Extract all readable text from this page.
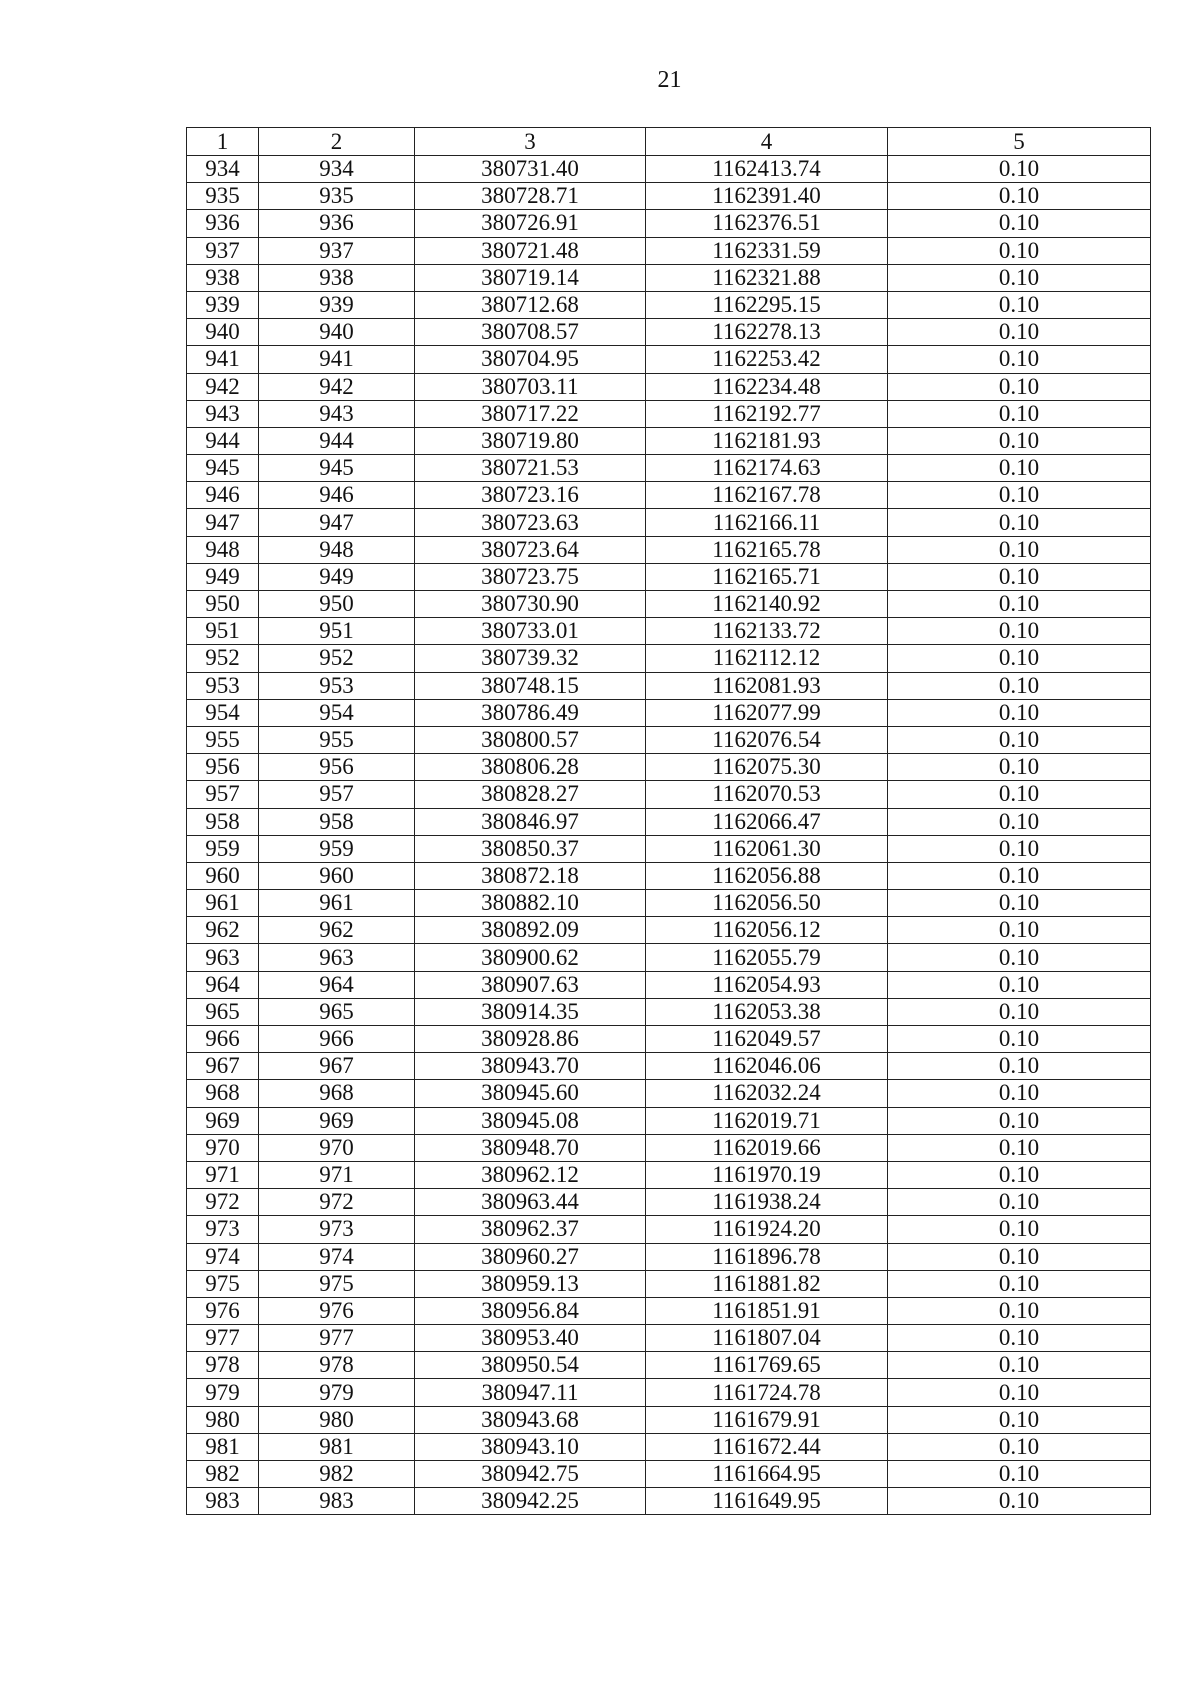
21
1	2	3	4	5
934	934	380731.40	1162413.74	0.10
935	935	380728.71	1162391.40	0.10
936	936	380726.91	1162376.51	0.10
937	937	380721.48	1162331.59	0.10
938	938	380719.14	1162321.88	0.10
939	939	380712.68	1162295.15	0.10
940	940	380708.57	1162278.13	0.10
941	941	380704.95	1162253.42	0.10
942	942	380703.11	1162234.48	0.10
943	943	380717.22	1162192.77	0.10
944	944	380719.80	1162181.93	0.10
945	945	380721.53	1162174.63	0.10
946	946	380723.16	1162167.78	0.10
947	947	380723.63	1162166.11	0.10
948	948	380723.64	1162165.78	0.10
949	949	380723.75	1162165.71	0.10
950	950	380730.90	1162140.92	0.10
951	951	380733.01	1162133.72	0.10
952	952	380739.32	1162112.12	0.10
953	953	380748.15	1162081.93	0.10
954	954	380786.49	1162077.99	0.10
955	955	380800.57	1162076.54	0.10
956	956	380806.28	1162075.30	0.10
957	957	380828.27	1162070.53	0.10
958	958	380846.97	1162066.47	0.10
959	959	380850.37	1162061.30	0.10
960	960	380872.18	1162056.88	0.10
961	961	380882.10	1162056.50	0.10
962	962	380892.09	1162056.12	0.10
963	963	380900.62	1162055.79	0.10
964	964	380907.63	1162054.93	0.10
965	965	380914.35	1162053.38	0.10
966	966	380928.86	1162049.57	0.10
967	967	380943.70	1162046.06	0.10
968	968	380945.60	1162032.24	0.10
969	969	380945.08	1162019.71	0.10
970	970	380948.70	1162019.66	0.10
971	971	380962.12	1161970.19	0.10
972	972	380963.44	1161938.24	0.10
973	973	380962.37	1161924.20	0.10
974	974	380960.27	1161896.78	0.10
975	975	380959.13	1161881.82	0.10
976	976	380956.84	1161851.91	0.10
977	977	380953.40	1161807.04	0.10
978	978	380950.54	1161769.65	0.10
979	979	380947.11	1161724.78	0.10
980	980	380943.68	1161679.91	0.10
981	981	380943.10	1161672.44	0.10
982	982	380942.75	1161664.95	0.10
983	983	380942.25	1161649.95	0.10
